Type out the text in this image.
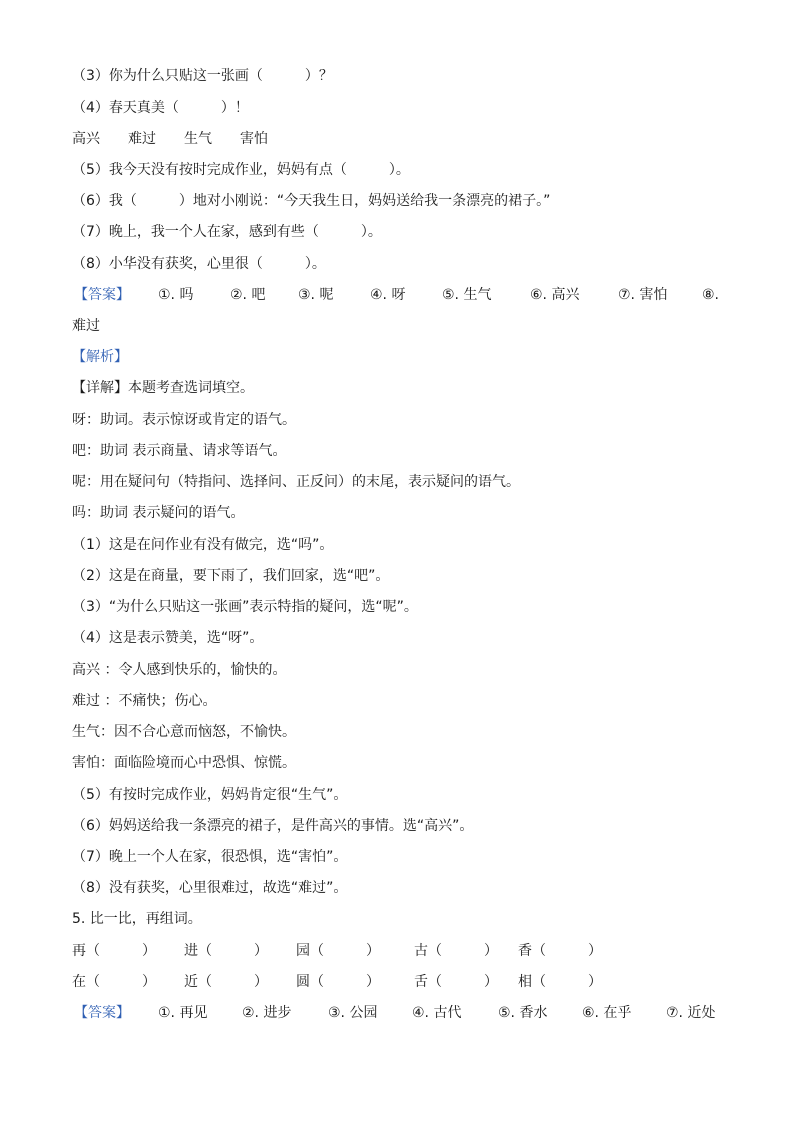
（3）你为什么只贴这一张画（　　　）？
（4）春天真美（　　　）！
高兴　　难过　　生气　　害怕
（5）我今天没有按时完成作业，妈妈有点（　　　）。
（6）我（　　　）地对小刚说：“今天我生日，妈妈送给我一条漂亮的裙子。”
（7）晚上，我一个人在家，感到有些（　　　）。
（8）小华没有获奖，心里很（　　　）。
【答案】 ①. 吗	②. 吧 ③. 呢	④. 呀	⑤. 生气	⑥. 高兴	⑦. 害怕 ⑧.
难过
【解析】
【详解】本题考查选词填空。
呀：助词。表示惊讶或肯定的语气。
吧：助词 表示商量、请求等语气。
呢：用在疑问句（特指问、选择问、正反问）的末尾，表示疑问的语气。
吗：助词 表示疑问的语气。
（1）这是在问作业有没有做完，选“吗”。
（2）这是在商量，要下雨了，我们回家，选“吧”。
（3）“为什么只贴这一张画”表示特指的疑问，选“呢”。
（4）这是表示赞美，选“呀”。
高兴 ：令人感到快乐的，愉快的。
难过 ：不痛快；伤心。
生气：因不合心意而恼怒，不愉快。
害怕：面临险境而心中恐惧、惊慌。
（5）有按时完成作业，妈妈肯定很“生气”。
（6）妈妈送给我一条漂亮的裙子，是件高兴的事情。选“高兴”。
（7）晚上一个人在家，很恐惧，选“害怕”。
（8）没有获奖，心里很难过，故选“难过”。
5. 比一比，再组词。
再（　　　） 进（　　　） 园（　　　） 古（　　　） 香（　　　）
在（　　　） 近（　　　） 圆（　　　） 舌（　　　） 相（　　　）
【答案】 ①. 再见 ②. 进步	③. 公园 ④. 古代	⑤. 香水 ⑥. 在乎 ⑦. 近处
